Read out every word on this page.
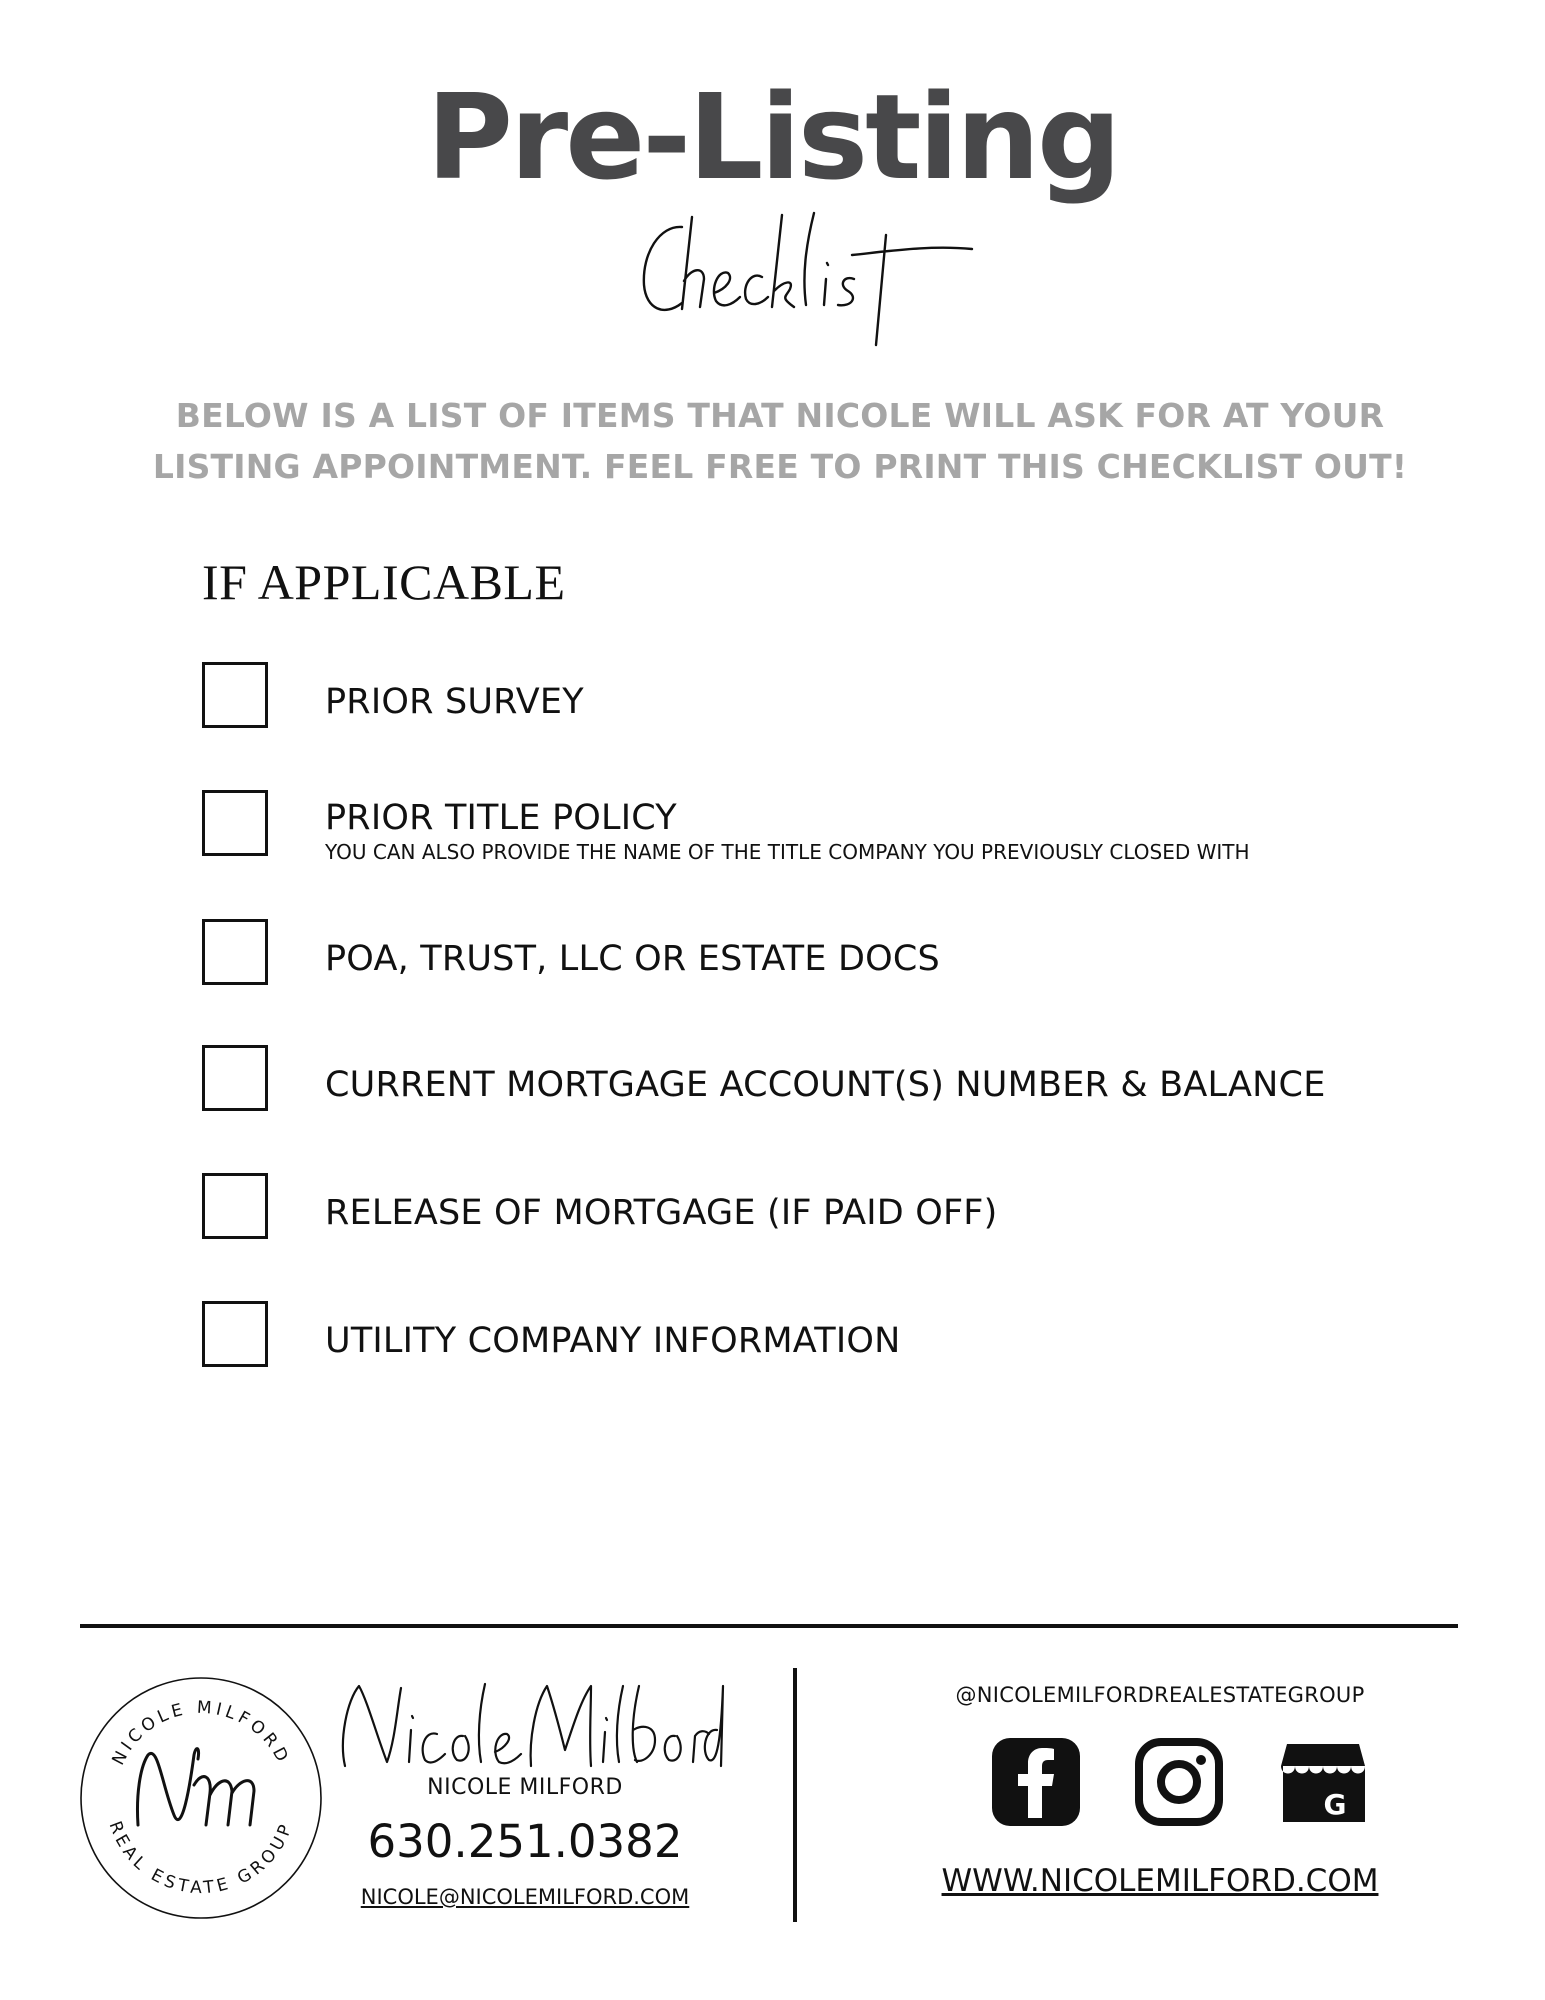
Pre-Listing
BELOW IS A LIST OF ITEMS THAT NICOLE WILL ASK FOR AT YOUR
LISTING APPOINTMENT. FEEL FREE TO PRINT THIS CHECKLIST OUT!
IF APPLICABLE
PRIOR SURVEY
PRIOR TITLE POLICY
YOU CAN ALSO PROVIDE THE NAME OF THE TITLE COMPANY YOU PREVIOUSLY CLOSED WITH
POA, TRUST, LLC OR ESTATE DOCS
CURRENT MORTGAGE ACCOUNT(S) NUMBER & BALANCE
RELEASE OF MORTGAGE (IF PAID OFF)
UTILITY COMPANY INFORMATION
NICOLE MILFORD
REAL ESTATE GROUP
NICOLE MILFORD
630.251.0382
NICOLE@NICOLEMILFORD.COM
@NICOLEMILFORDREALESTATEGROUP
G
WWW.NICOLEMILFORD.COM
